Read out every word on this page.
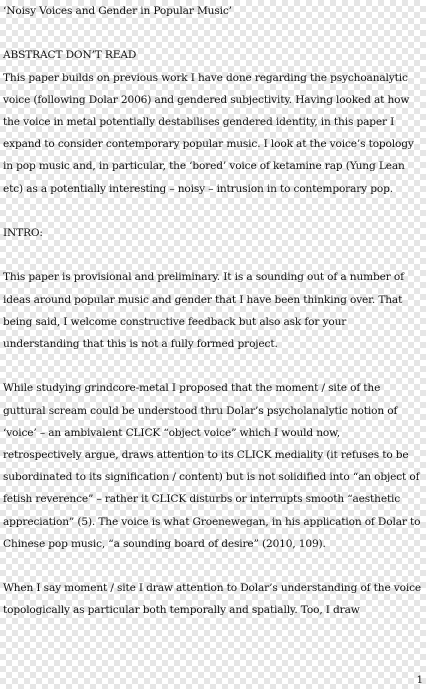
‘Noisy Voices and Gender in Popular Music’

ABSTRACT DON’T READ

This paper builds on previous work I have done regarding the psychoanalytic voice (following Dolar 2006) and gendered subjectivity. Having looked at how the voice in metal potentially destabilises gendered identity, in this paper I expand to consider contemporary popular music. I look at the voice’s topology in pop music and, in particular, the ‘bored’ voice of ketamine rap (Yung Lean etc) as a potentially interesting – noisy – intrusion in to contemporary pop.

INTRO:

This paper is provisional and preliminary. It is a sounding out of a number of ideas around popular music and gender that I have been thinking over. That being said, I welcome constructive feedback but also ask for your understanding that this is not a fully formed project.

While studying grindcore-metal I proposed that the moment / site of the guttural scream could be understood thru Dolar’s psycholanalytic notion of ‘voice’ – an ambivalent CLICK “object voice” which I would now, retrospectively argue, draws attention to its CLICK mediality (it refuses to be subordinated to its signification / content) but is not solidified into “an object of fetish reverence” – rather it CLICK disturbs or interrupts smooth “aesthetic appreciation” (5). The voice is what Groenewegan, in his application of Dolar to Chinese pop music, “a sounding board of desire” (2010, 109).

When I say moment / site I draw attention to Dolar’s understanding of the voice topologically as particular both temporally and spatially. Too, I draw

1
